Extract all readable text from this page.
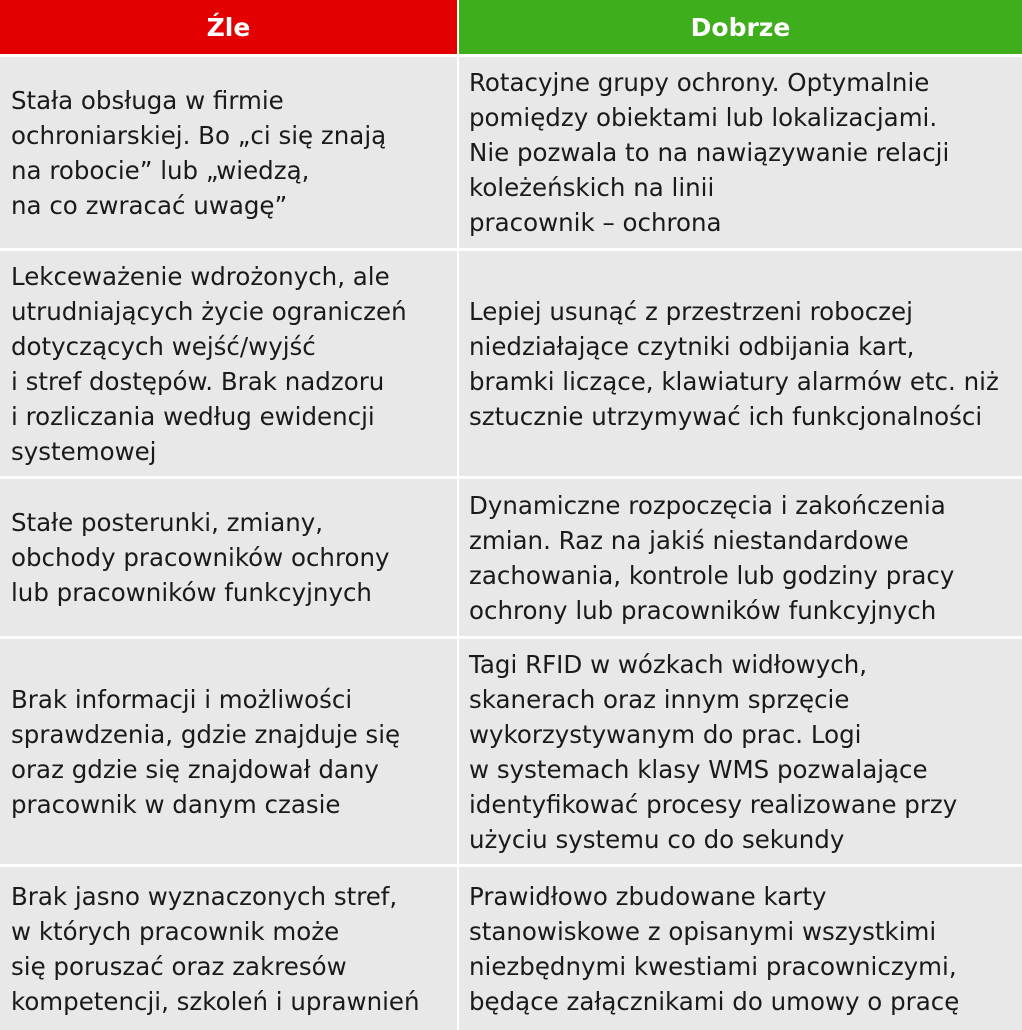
Źle	Dobrze
Stała obsługa w firmie
ochroniarskiej. Bo „ci się znają
na robocie” lub „wiedzą,
na co zwracać uwagę”
Rotacyjne grupy ochrony. Optymalnie
pomiędzy obiektami lub lokalizacjami.
Nie pozwala to na nawiązywanie relacji
koleżeńskich na linii
pracownik – ochrona
Lekceważenie wdrożonych, ale
utrudniających życie ograniczeń
dotyczących wejść/wyjść
i stref dostępów. Brak nadzoru
i rozliczania według ewidencji
systemowej
Lepiej usunąć z przestrzeni roboczej
niedziałające czytniki odbijania kart,
bramki liczące, klawiatury alarmów etc. niż
sztucznie utrzymywać ich funkcjonalności
Stałe posterunki, zmiany,
obchody pracowników ochrony
lub pracowników funkcyjnych
Dynamiczne rozpoczęcia i zakończenia
zmian. Raz na jakiś niestandardowe
zachowania, kontrole lub godziny pracy
ochrony lub pracowników funkcyjnych
Brak informacji i możliwości
sprawdzenia, gdzie znajduje się
oraz gdzie się znajdował dany
pracownik w danym czasie
Tagi RFID w wózkach widłowych,
skanerach oraz innym sprzęcie
wykorzystywanym do prac. Logi
w systemach klasy WMS pozwalające
identyfikować procesy realizowane przy
użyciu systemu co do sekundy
Brak jasno wyznaczonych stref,
w których pracownik może
się poruszać oraz zakresów
kompetencji, szkoleń i uprawnień
Prawidłowo zbudowane karty
stanowiskowe z opisanymi wszystkimi
niezbędnymi kwestiami pracowniczymi,
będące załącznikami do umowy o pracę
